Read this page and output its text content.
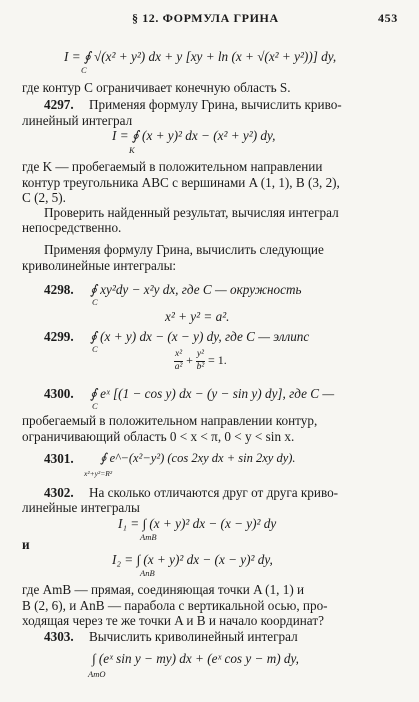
§ 12. ФОРМУЛА ГРИНА	453
I = ∮ √(x² + y²) dx + y [xy + ln (x + √(x² + y²))] dy,
C
где контур C ограничивает конечную область S.
4297. Применяя формулу Грина, вычислить криво-
линейный интеграл
I = ∮ (x + y)² dx − (x² + y²) dy,
K
где K — пробегаемый в положительном направлении
контур треугольника ABC с вершинами A (1, 1), B (3, 2),
C (2, 5).
Проверить найденный результат, вычисляя интеграл
непосредственно.
Применяя формулу Грина, вычислить следующие
криволинейные интегралы:
4298. ∮ xy²dy − x²y dx, где C — окружность
C
x² + y² = a².
4299. ∮ (x + y) dx − (x − y) dy, где C — эллипс
C
$\frac{\text{x²}}{\text{a²}} + \frac{\text{y²}}{\text{b²}} = 1$.
4300. ∮ eˣ [(1 − cos y) dx − (y − sin y) dy], где C —
C
пробегаемый в положительном направлении контур,
ограничивающий область 0 < x < π, 0 < y < sin x.
4301. ∮ e^−(x²−y²) (cos 2xy dx + sin 2xy dy).
x²+y²=R²
4302. На сколько отличаются друг от друга криво-
линейные интегралы
I₁ = ∫ (x + y)² dx − (x − y)² dy
AmB
и
I₂ = ∫ (x + y)² dx − (x − y)² dy,
AnB
где AmB — прямая, соединяющая точки A (1, 1) и
B (2, 6), и AnB — парабола с вертикальной осью, про-
ходящая через те же точки A и B и начало координат?
4303. Вычислить криволинейный интеграл
∫ (eˣ sin y − my) dx + (eˣ cos y − m) dy,
AmO
